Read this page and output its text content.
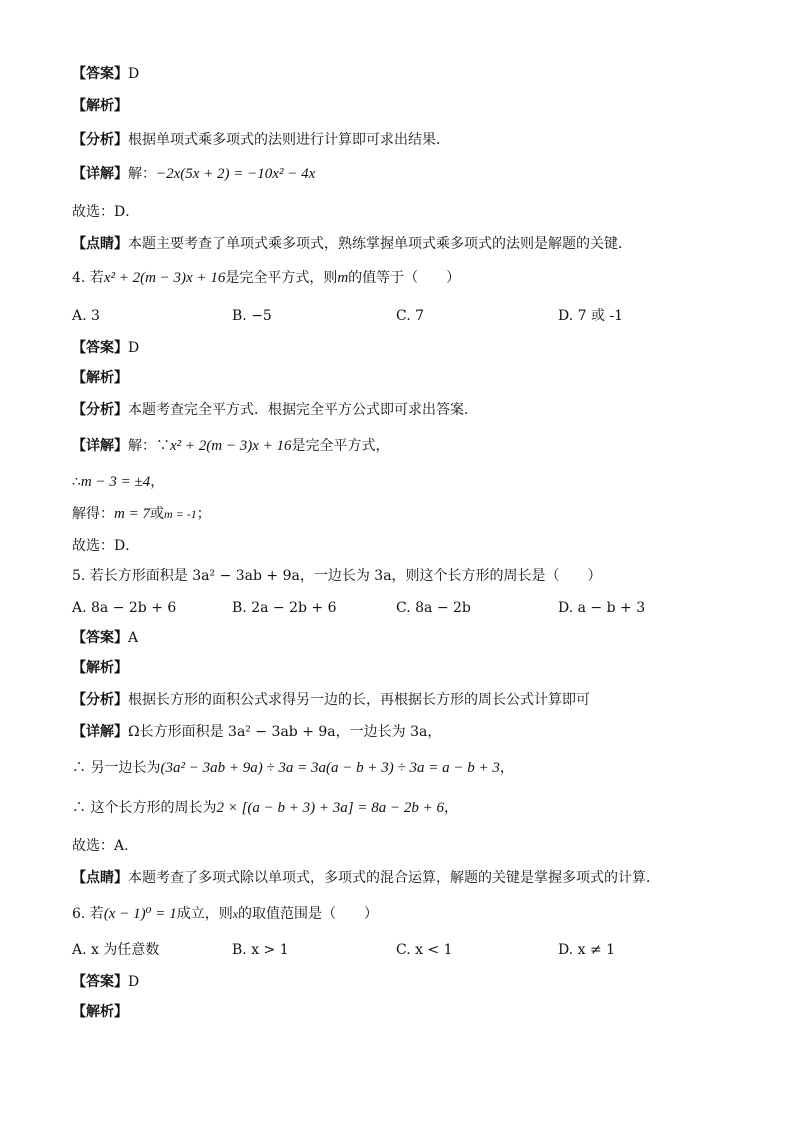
【答案】D
【解析】
【分析】根据单项式乘多项式的法则进行计算即可求出结果．
【详解】解：−2x(5x + 2) = −10x² − 4x
故选：D．
【点睛】本题主要考查了单项式乘多项式，熟练掌握单项式乘多项式的法则是解题的关键．
4. 若x² + 2(m − 3)x + 16是完全平方式，则m的值等于（　　）
A. 3	B. −5	C. 7	D. 7 或 -1
【答案】D
【解析】
【分析】本题考查完全平方式．根据完全平方公式即可求出答案．
【详解】解：∵x² + 2(m − 3)x + 16是完全平方式，
∴m − 3 = ±4，
解得：m = 7或m = -1；
故选：D．
5. 若长方形面积是 3a² − 3ab + 9a，一边长为 3a，则这个长方形的周长是（　　）
A. 8a − 2b + 6	B. 2a − 2b + 6	C. 8a − 2b	D. a − b + 3
【答案】A
【解析】
【分析】根据长方形的面积公式求得另一边的长，再根据长方形的周长公式计算即可
【详解】Ω长方形面积是 3a² − 3ab + 9a，一边长为 3a，
∴ 另一边长为(3a² − 3ab + 9a) ÷ 3a = 3a(a − b + 3) ÷ 3a = a − b + 3，
∴ 这个长方形的周长为2 × [(a − b + 3) + 3a] = 8a − 2b + 6，
故选：A.
【点睛】本题考查了多项式除以单项式，多项式的混合运算，解题的关键是掌握多项式的计算．
6. 若(x − 1)⁰ = 1成立，则x的取值范围是（　　）
A. x 为任意数	B. x > 1	C. x < 1	D. x ≠ 1
【答案】D
【解析】
